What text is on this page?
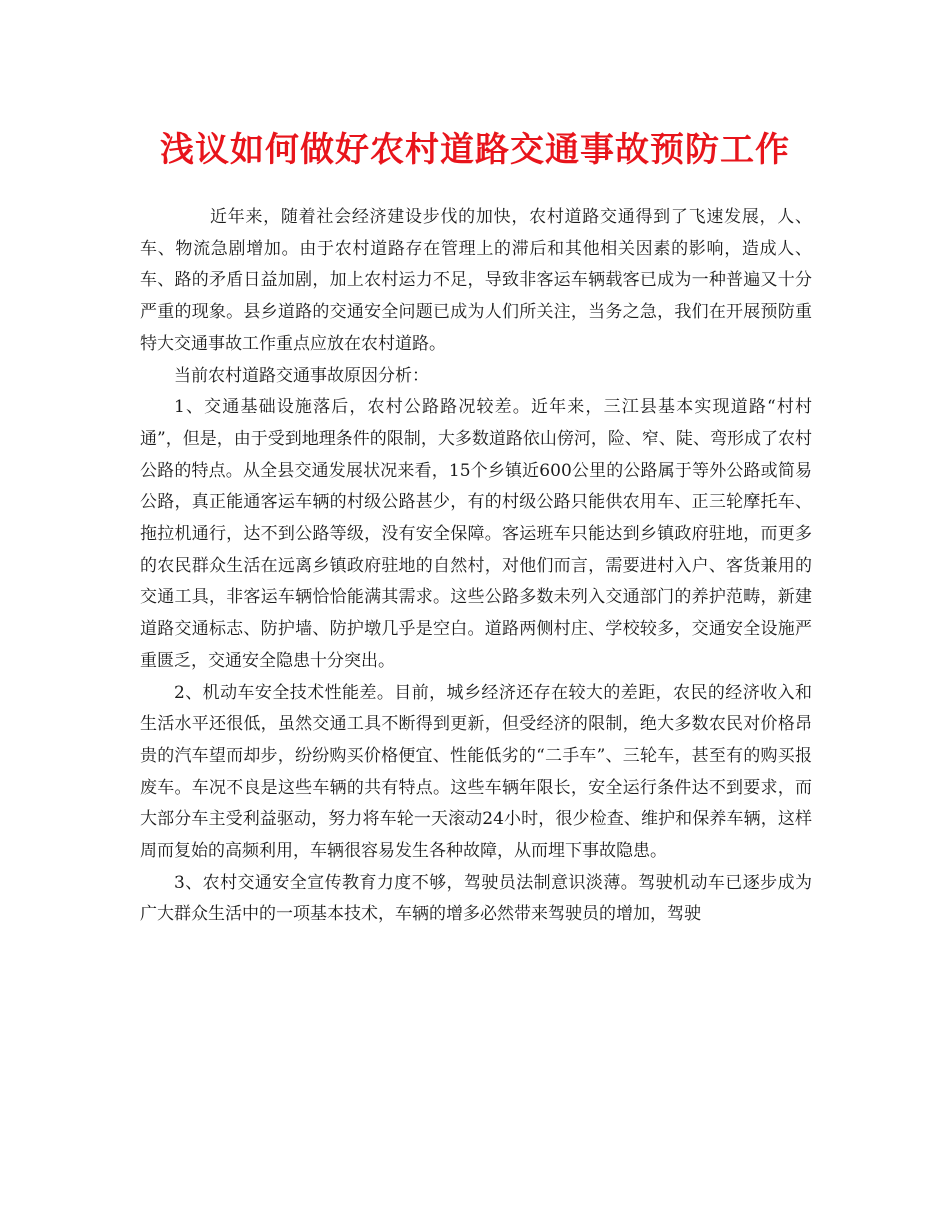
浅议如何做好农村道路交通事故预防工作

近年来，随着社会经济建设步伐的加快，农村道路交通得到了飞速发展，人、车、物流急剧增加。由于农村道路存在管理上的滞后和其他相关因素的影响，造成人、车、路的矛盾日益加剧，加上农村运力不足，导致非客运车辆载客已成为一种普遍又十分严重的现象。县乡道路的交通安全问题已成为人们所关注，当务之急，我们在开展预防重特大交通事故工作重点应放在农村道路。

当前农村道路交通事故原因分析：

1、交通基础设施落后，农村公路路况较差。近年来，三江县基本实现道路“村村通”，但是，由于受到地理条件的限制，大多数道路依山傍河，险、窄、陡、弯形成了农村公路的特点。从全县交通发展状况来看，15个乡镇近600公里的公路属于等外公路或简易公路，真正能通客运车辆的村级公路甚少，有的村级公路只能供农用车、正三轮摩托车、拖拉机通行，达不到公路等级，没有安全保障。客运班车只能达到乡镇政府驻地，而更多的农民群众生活在远离乡镇政府驻地的自然村，对他们而言，需要进村入户、客货兼用的交通工具，非客运车辆恰恰能满其需求。这些公路多数未列入交通部门的养护范畴，新建道路交通标志、防护墙、防护墩几乎是空白。道路两侧村庄、学校较多，交通安全设施严重匮乏，交通安全隐患十分突出。

2、机动车安全技术性能差。目前，城乡经济还存在较大的差距，农民的经济收入和生活水平还很低，虽然交通工具不断得到更新，但受经济的限制，绝大多数农民对价格昂贵的汽车望而却步，纷纷购买价格便宜、性能低劣的“二手车”、三轮车，甚至有的购买报废车。车况不良是这些车辆的共有特点。这些车辆年限长，安全运行条件达不到要求，而大部分车主受利益驱动，努力将车轮一天滚动24小时，很少检查、维护和保养车辆，这样周而复始的高频利用，车辆很容易发生各种故障，从而埋下事故隐患。

3、农村交通安全宣传教育力度不够，驾驶员法制意识淡薄。驾驶机动车已逐步成为广大群众生活中的一项基本技术，车辆的增多必然带来驾驶员的增加，驾驶
